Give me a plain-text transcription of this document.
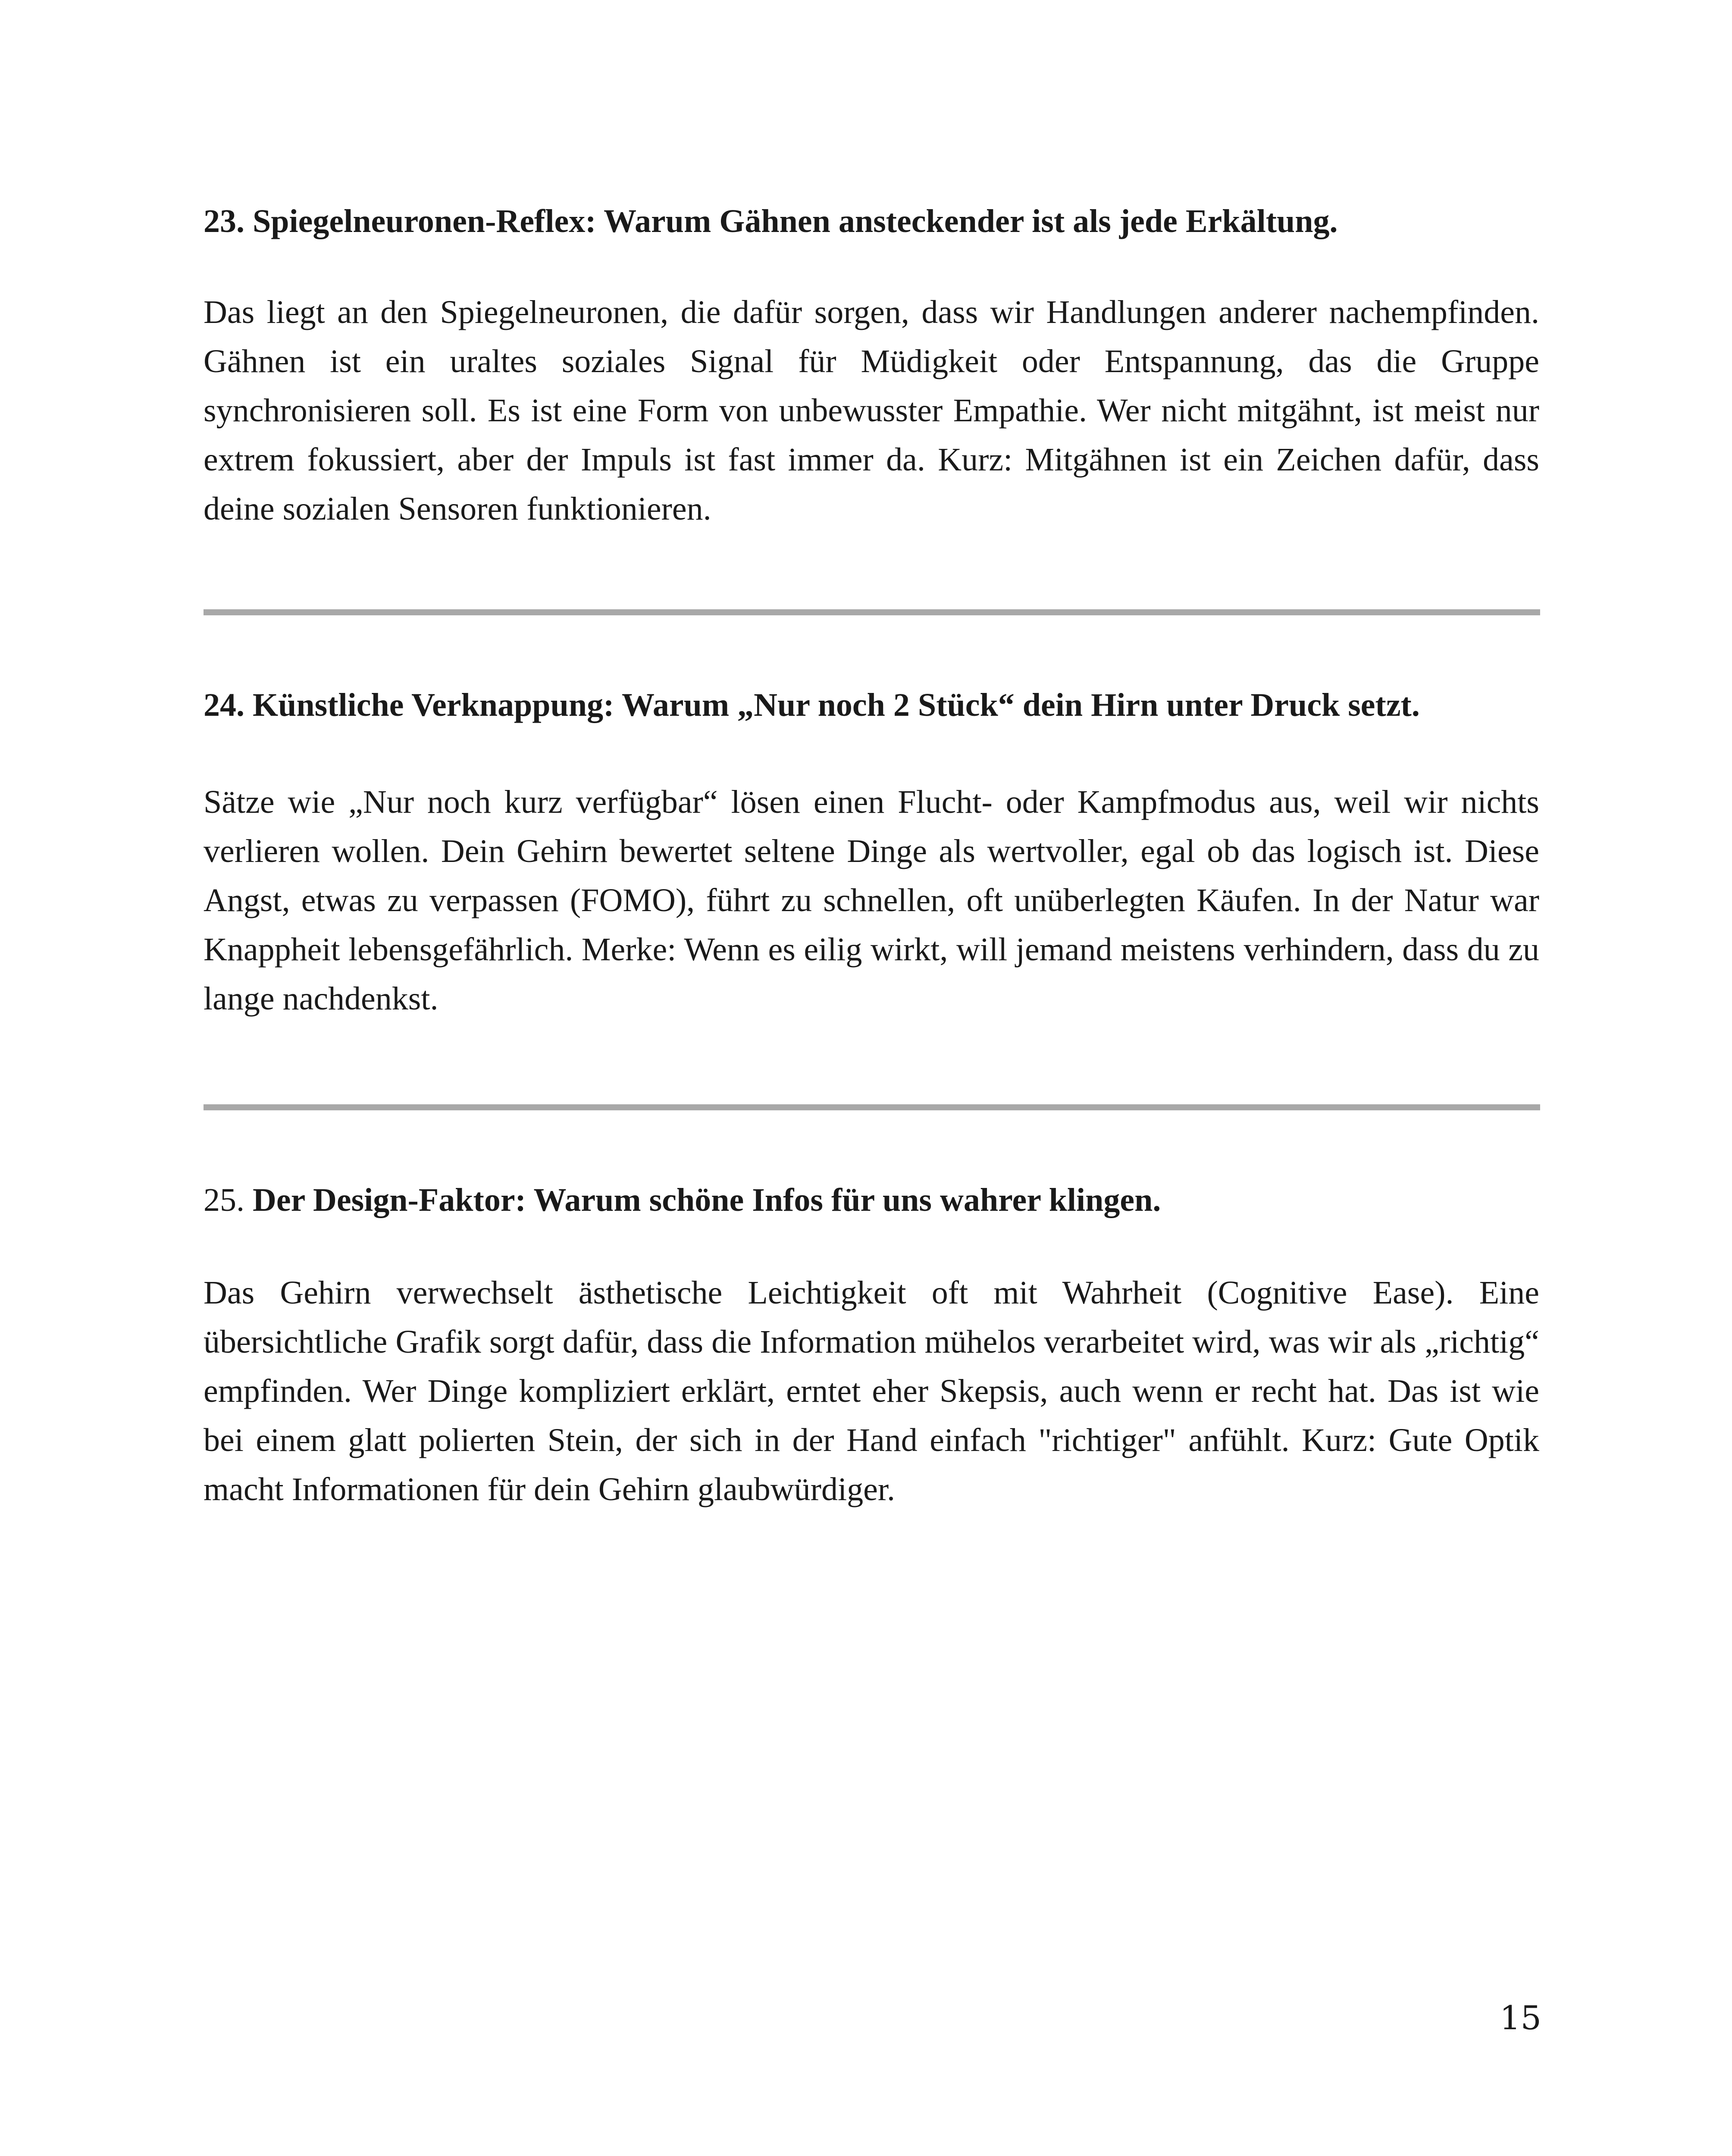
23. Spiegelneuronen-Reflex: Warum Gähnen ansteckender ist als jede Erkältung.

Das liegt an den Spiegelneuronen, die dafür sorgen, dass wir Handlungen anderer nachempfinden. Gähnen ist ein uraltes soziales Signal für Müdigkeit oder Entspannung, das die Gruppe synchronisieren soll. Es ist eine Form von unbewusster Empathie. Wer nicht mitgähnt, ist meist nur extrem fokussiert, aber der Impuls ist fast immer da. Kurz: Mitgähnen ist ein Zeichen dafür, dass deine sozialen Sensoren funktionieren.

24. Künstliche Verknappung: Warum „Nur noch 2 Stück“ dein Hirn unter Druck setzt.

Sätze wie „Nur noch kurz verfügbar“ lösen einen Flucht- oder Kampfmodus aus, weil wir nichts verlieren wollen. Dein Gehirn bewertet seltene Dinge als wertvoller, egal ob das logisch ist. Diese Angst, etwas zu verpassen (FOMO), führt zu schnellen, oft unüberlegten Käufen. In der Natur war Knappheit lebensgefährlich. Merke: Wenn es eilig wirkt, will jemand meistens verhindern, dass du zu lange nachdenkst.

25. Der Design-Faktor: Warum schöne Infos für uns wahrer klingen.

Das Gehirn verwechselt ästhetische Leichtigkeit oft mit Wahrheit (Cognitive Ease). Eine übersichtliche Grafik sorgt dafür, dass die Information mühelos verarbeitet wird, was wir als „richtig“ empfinden. Wer Dinge kompliziert erklärt, erntet eher Skepsis, auch wenn er recht hat. Das ist wie bei einem glatt polierten Stein, der sich in der Hand einfach "richtiger" anfühlt. Kurz: Gute Optik macht Informationen für dein Gehirn glaubwürdiger.

15
